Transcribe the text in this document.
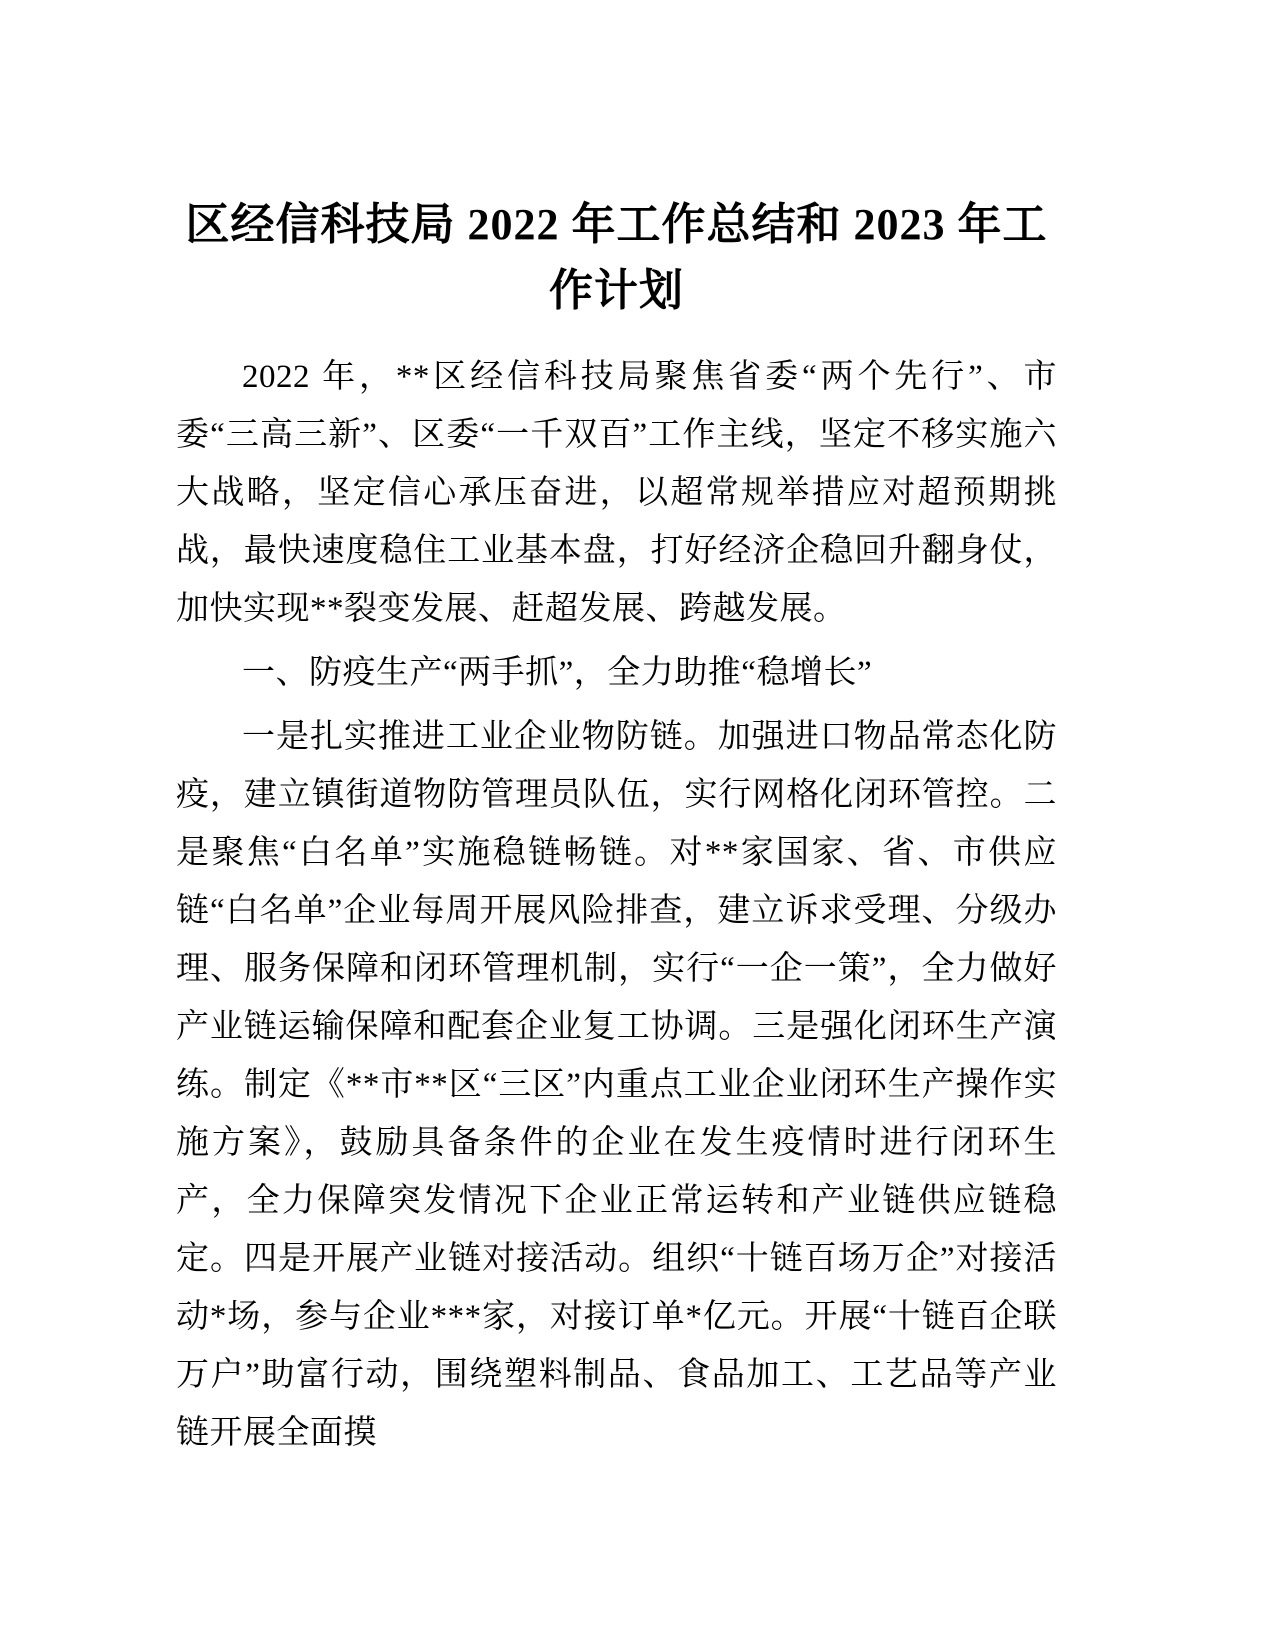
区经信科技局 2022 年工作总结和 2023 年工作计划

2022 年，**区经信科技局聚焦省委“两个先行”、市委“三高三新”、区委“一千双百”工作主线，坚定不移实施六大战略，坚定信心承压奋进，以超常规举措应对超预期挑战，最快速度稳住工业基本盘，打好经济企稳回升翻身仗，加快实现**裂变发展、赶超发展、跨越发展。

一、防疫生产“两手抓”，全力助推“稳增长”

一是扎实推进工业企业物防链。加强进口物品常态化防疫，建立镇街道物防管理员队伍，实行网格化闭环管控。二是聚焦“白名单”实施稳链畅链。对**家国家、省、市供应链“白名单”企业每周开展风险排查，建立诉求受理、分级办理、服务保障和闭环管理机制，实行“一企一策”，全力做好产业链运输保障和配套企业复工协调。三是强化闭环生产演练。制定《**市**区“三区”内重点工业企业闭环生产操作实施方案》，鼓励具备条件的企业在发生疫情时进行闭环生产，全力保障突发情况下企业正常运转和产业链供应链稳定。四是开展产业链对接活动。组织“十链百场万企”对接活动*场，参与企业***家，对接订单*亿元。开展“十链百企联万户”助富行动，围绕塑料制品、食品加工、工艺品等产业链开展全面摸
